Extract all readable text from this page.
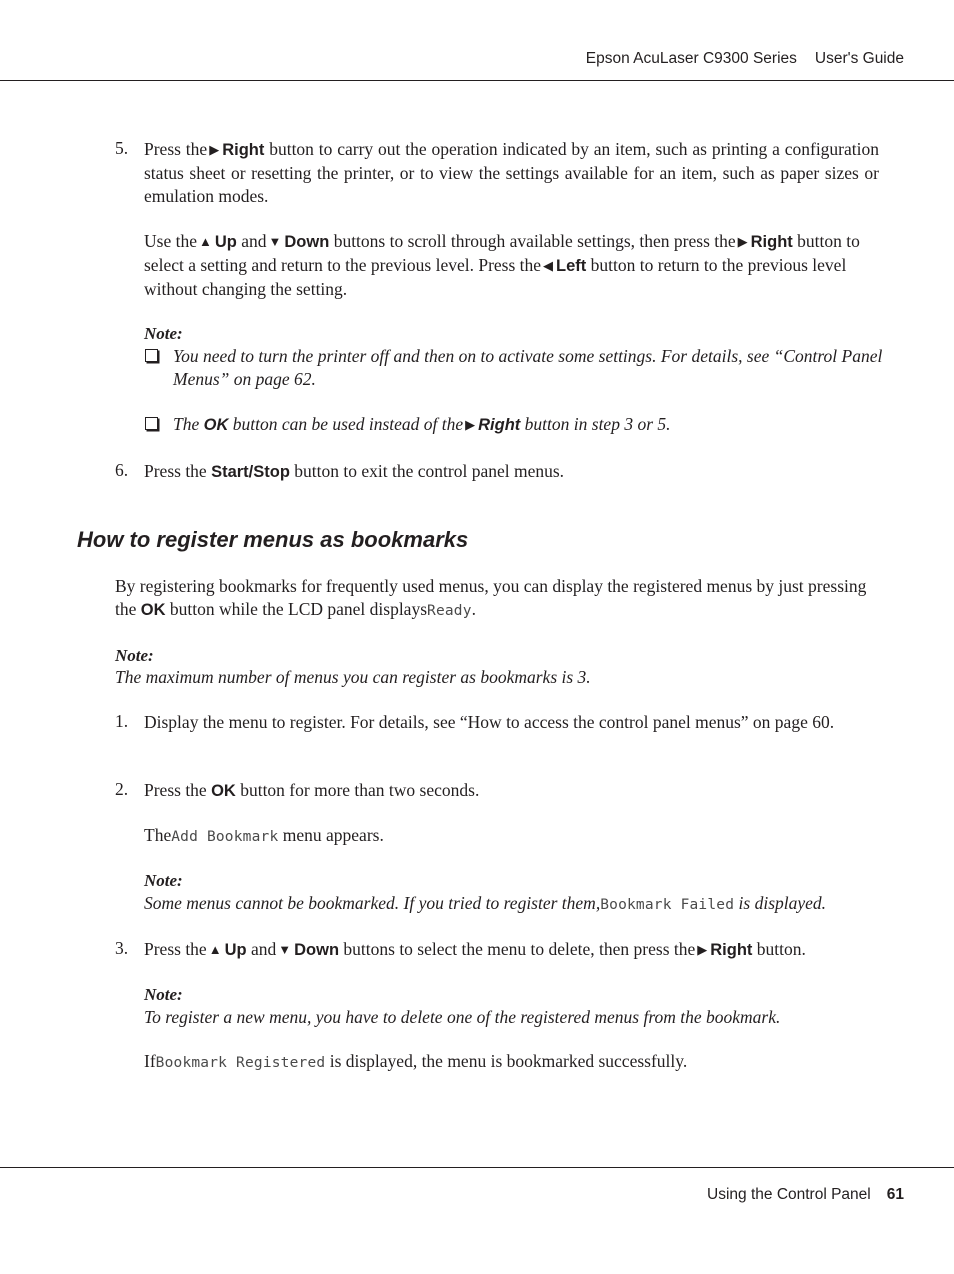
Epson AcuLaser C9300 Series User's Guide
5. Press the ▶ Right button to carry out the operation indicated by an item, such as printing a configuration status sheet or resetting the printer, or to view the settings available for an item, such as paper sizes or emulation modes.
Use the ▲ Up and ▼ Down buttons to scroll through available settings, then press the ▶ Right button to select a setting and return to the previous level. Press the ◀ Left button to return to the previous level without changing the setting.
Note:
You need to turn the printer off and then on to activate some settings. For details, see “Control Panel Menus” on page 62.
The OK button can be used instead of the ▶ Right button in step 3 or 5.
6. Press the Start/Stop button to exit the control panel menus.
How to register menus as bookmarks
By registering bookmarks for frequently used menus, you can display the registered menus by just pressing the OK button while the LCD panel displaysReady.
Note:
The maximum number of menus you can register as bookmarks is 3.
1. Display the menu to register. For details, see “How to access the control panel menus” on page 60.
2. Press the OK button for more than two seconds.
TheAdd Bookmark menu appears.
Note:
Some menus cannot be bookmarked. If you tried to register them,Bookmark Failed is displayed.
3. Press the ▲ Up and ▼ Down buttons to select the menu to delete, then press the ▶ Right button.
Note:
To register a new menu, you have to delete one of the registered menus from the bookmark.
IfBookmark Registered is displayed, the menu is bookmarked successfully.
Using the Control Panel 61
